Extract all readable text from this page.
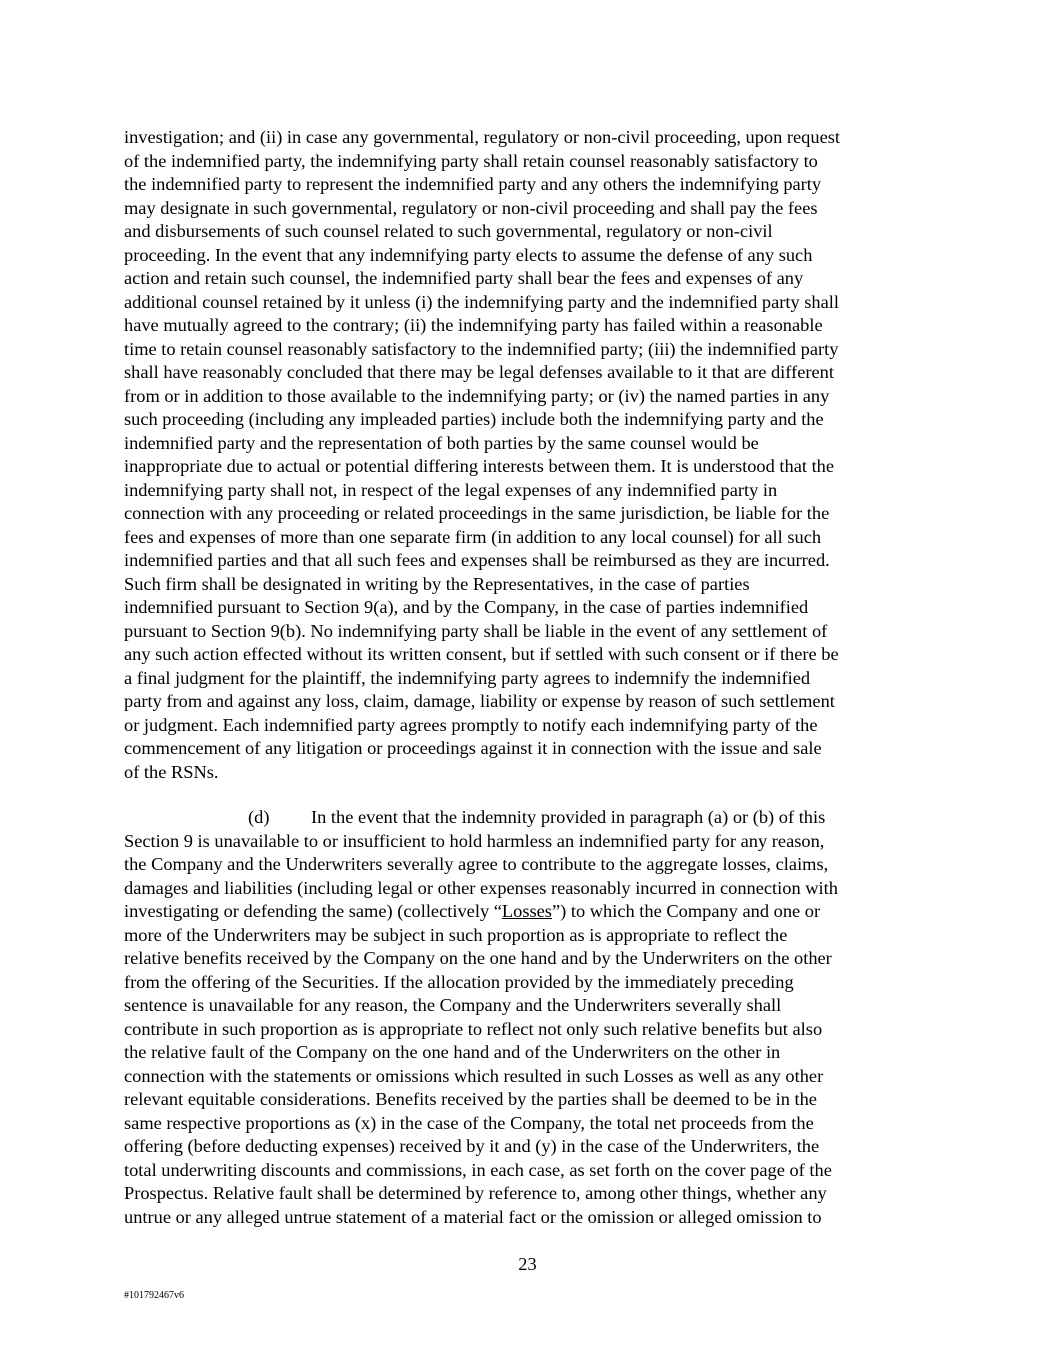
investigation; and (ii) in case any governmental, regulatory or non-civil proceeding, upon request
of the indemnified party, the indemnifying party shall retain counsel reasonably satisfactory to
the indemnified party to represent the indemnified party and any others the indemnifying party
may designate in such governmental, regulatory or non-civil proceeding and shall pay the fees
and disbursements of such counsel related to such governmental, regulatory or non-civil
proceeding. In the event that any indemnifying party elects to assume the defense of any such
action and retain such counsel, the indemnified party shall bear the fees and expenses of any
additional counsel retained by it unless (i) the indemnifying party and the indemnified party shall
have mutually agreed to the contrary; (ii) the indemnifying party has failed within a reasonable
time to retain counsel reasonably satisfactory to the indemnified party; (iii) the indemnified party
shall have reasonably concluded that there may be legal defenses available to it that are different
from or in addition to those available to the indemnifying party; or (iv) the named parties in any
such proceeding (including any impleaded parties) include both the indemnifying party and the
indemnified party and the representation of both parties by the same counsel would be
inappropriate due to actual or potential differing interests between them. It is understood that the
indemnifying party shall not, in respect of the legal expenses of any indemnified party in
connection with any proceeding or related proceedings in the same jurisdiction, be liable for the
fees and expenses of more than one separate firm (in addition to any local counsel) for all such
indemnified parties and that all such fees and expenses shall be reimbursed as they are incurred.
Such firm shall be designated in writing by the Representatives, in the case of parties
indemnified pursuant to Section 9(a), and by the Company, in the case of parties indemnified
pursuant to Section 9(b). No indemnifying party shall be liable in the event of any settlement of
any such action effected without its written consent, but if settled with such consent or if there be
a final judgment for the plaintiff, the indemnifying party agrees to indemnify the indemnified
party from and against any loss, claim, damage, liability or expense by reason of such settlement
or judgment. Each indemnified party agrees promptly to notify each indemnifying party of the
commencement of any litigation or proceedings against it in connection with the issue and sale
of the RSNs.
(d) In the event that the indemnity provided in paragraph (a) or (b) of this
Section 9 is unavailable to or insufficient to hold harmless an indemnified party for any reason,
the Company and the Underwriters severally agree to contribute to the aggregate losses, claims,
damages and liabilities (including legal or other expenses reasonably incurred in connection with
investigating or defending the same) (collectively “Losses”) to which the Company and one or
more of the Underwriters may be subject in such proportion as is appropriate to reflect the
relative benefits received by the Company on the one hand and by the Underwriters on the other
from the offering of the Securities. If the allocation provided by the immediately preceding
sentence is unavailable for any reason, the Company and the Underwriters severally shall
contribute in such proportion as is appropriate to reflect not only such relative benefits but also
the relative fault of the Company on the one hand and of the Underwriters on the other in
connection with the statements or omissions which resulted in such Losses as well as any other
relevant equitable considerations. Benefits received by the parties shall be deemed to be in the
same respective proportions as (x) in the case of the Company, the total net proceeds from the
offering (before deducting expenses) received by it and (y) in the case of the Underwriters, the
total underwriting discounts and commissions, in each case, as set forth on the cover page of the
Prospectus. Relative fault shall be determined by reference to, among other things, whether any
untrue or any alleged untrue statement of a material fact or the omission or alleged omission to
23
#101792467v6
